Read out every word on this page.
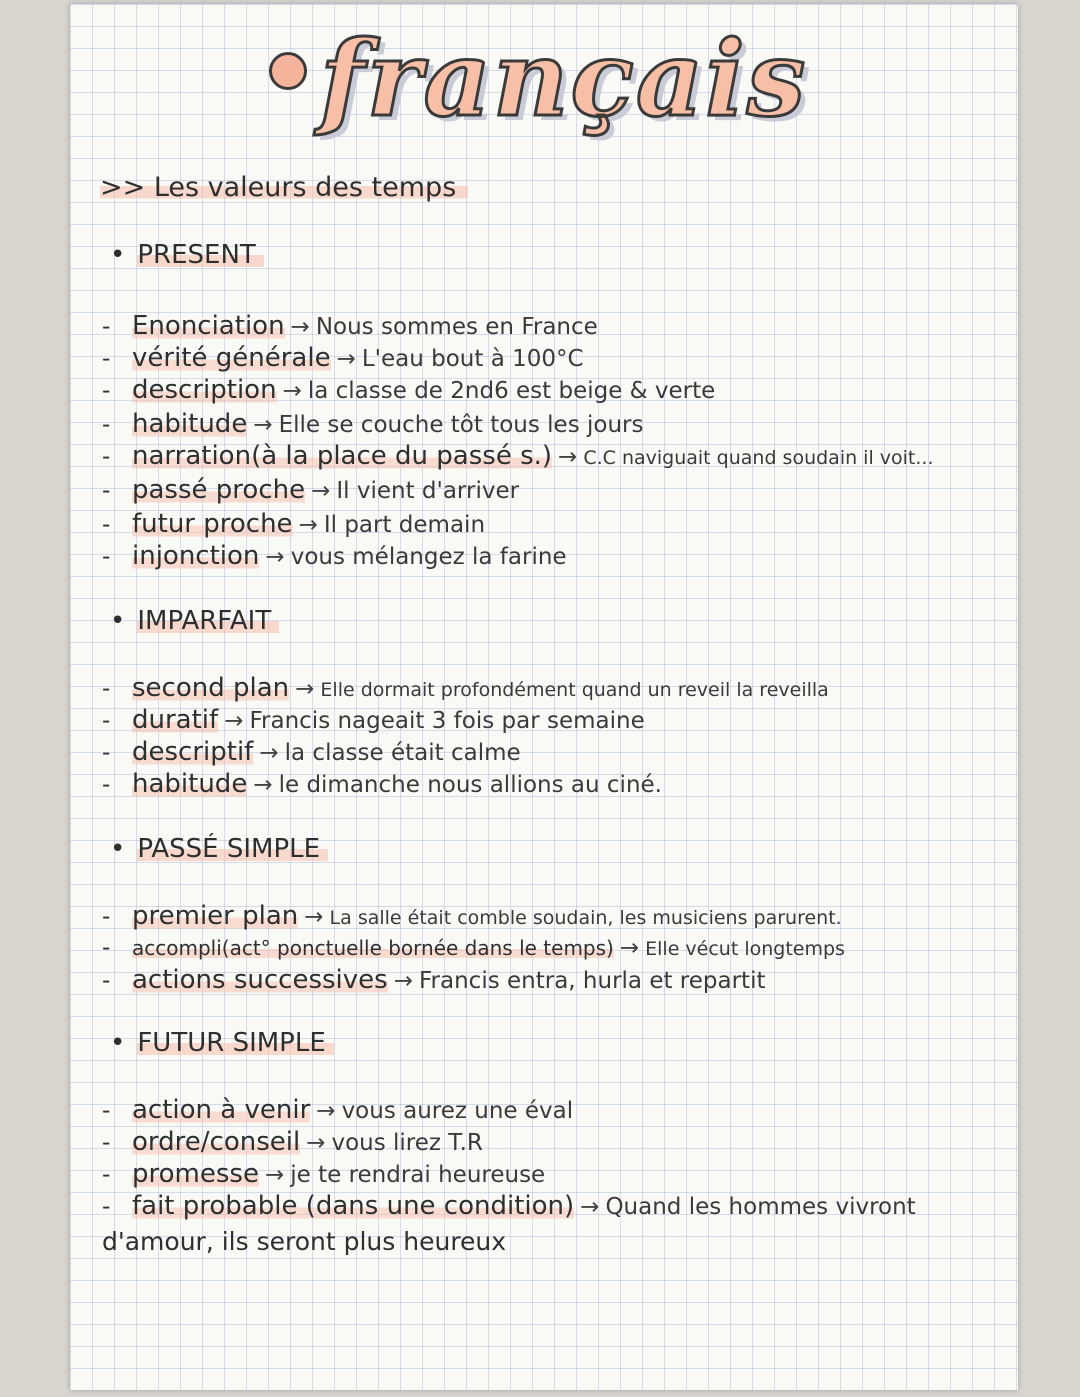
français
>> Les valeurs des temps
• PRESENT
- Enonciation → Nous sommes en France
- vérité générale → L'eau bout à 100°C
- description → la classe de 2nd6 est beige & verte
- habitude → Elle se couche tôt tous les jours
- narration(à la place du passé s.) → C.C naviguait quand soudain il voit...
- passé proche → Il vient d'arriver
- futur proche → Il part demain
- injonction → vous mélangez la farine
• IMPARFAIT
- second plan → Elle dormait profondément quand un reveil la reveilla
- duratif → Francis nageait 3 fois par semaine
- descriptif → la classe était calme
- habitude → le dimanche nous allions au ciné.
• PASSÉ SIMPLE
- premier plan → La salle était comble soudain, les musiciens parurent.
- accompli(act° ponctuelle bornée dans le temps) → Elle vécut longtemps
- actions successives → Francis entra, hurla et repartit
• FUTUR SIMPLE
- action à venir → vous aurez une éval
- ordre/conseil → vous lirez T.R
- promesse → je te rendrai heureuse
- fait probable (dans une condition) → Quand les hommes vivront
d'amour, ils seront plus heureux
